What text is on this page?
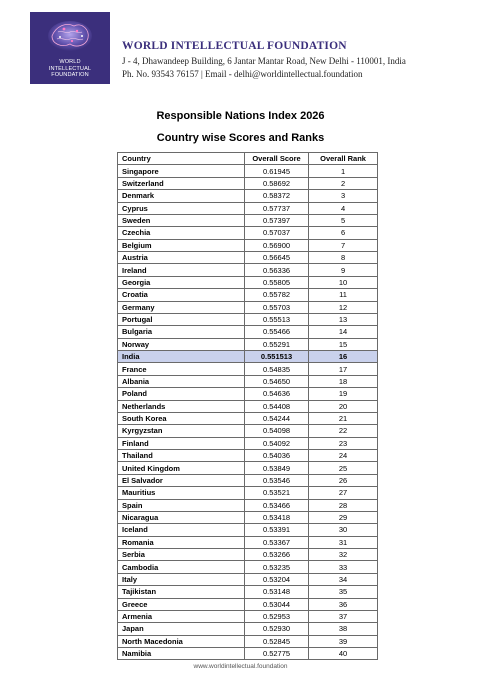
WORLD
INTELLECTUAL
FOUNDATION
WORLD INTELLECTUAL FOUNDATION
J - 4, Dhawandeep Building, 6 Jantar Mantar Road, New Delhi - 110001, India
Ph. No. 93543 76157 | Email - delhi@worldintellectual.foundation
Responsible Nations Index 2026
Country wise Scores and Ranks
Country	Overall Score	Overall Rank
Singapore	0.61945	1
Switzerland	0.58692	2
Denmark	0.58372	3
Cyprus	0.57737	4
Sweden	0.57397	5
Czechia	0.57037	6
Belgium	0.56900	7
Austria	0.56645	8
Ireland	0.56336	9
Georgia	0.55805	10
Croatia	0.55782	11
Germany	0.55703	12
Portugal	0.55513	13
Bulgaria	0.55466	14
Norway	0.55291	15
India	0.551513	16
France	0.54835	17
Albania	0.54650	18
Poland	0.54636	19
Netherlands	0.54408	20
South Korea	0.54244	21
Kyrgyzstan	0.54098	22
Finland	0.54092	23
Thailand	0.54036	24
United Kingdom	0.53849	25
El Salvador	0.53546	26
Mauritius	0.53521	27
Spain	0.53466	28
Nicaragua	0.53418	29
Iceland	0.53391	30
Romania	0.53367	31
Serbia	0.53266	32
Cambodia	0.53235	33
Italy	0.53204	34
Tajikistan	0.53148	35
Greece	0.53044	36
Armenia	0.52953	37
Japan	0.52930	38
North Macedonia	0.52845	39
Namibia	0.52775	40
www.worldintellectual.foundation
